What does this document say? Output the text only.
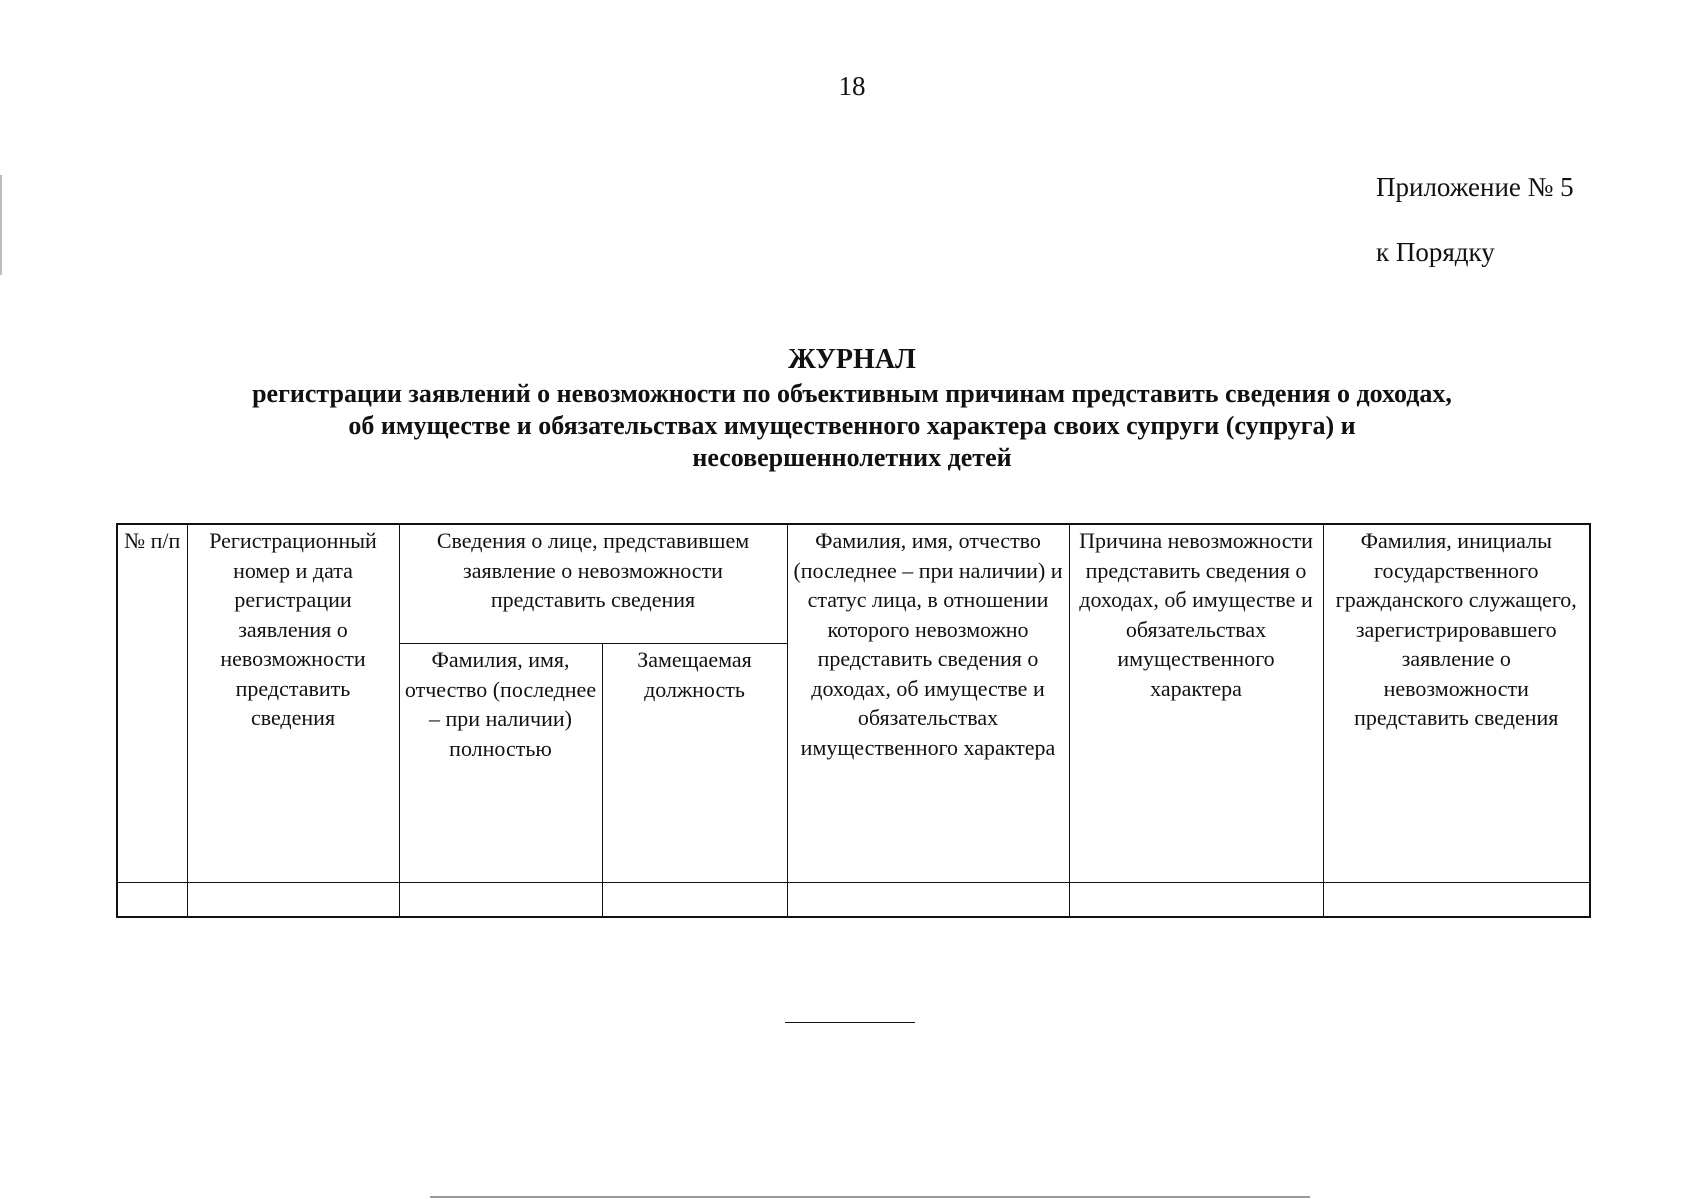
18
Приложение № 5
к Порядку
ЖУРНАЛ
регистрации заявлений о невозможности по объективным причинам представить сведения о доходах, об имуществе и обязательствах имущественного характера своих супруги (супруга) и несовершеннолетних детей
№ п/п	Регистрационный номер и дата регистрации заявления о невозможности представить сведения	Сведения о лице, представившем заявление о невозможности представить сведения		Фамилия, имя, отчество (последнее – при наличии) и статус лица, в отношении которого невозможно представить сведения о доходах, об имуществе и обязательствах имущественного характера	Причина невозможности представить сведения о доходах, об имуществе и обязательствах имущественного характера	Фамилия, инициалы государственного гражданского служащего, зарегистрировавшего заявление о невозможности представить сведения
		Фамилия, имя, отчество (последнее – при наличии) полностью	Замещаемая должность			
